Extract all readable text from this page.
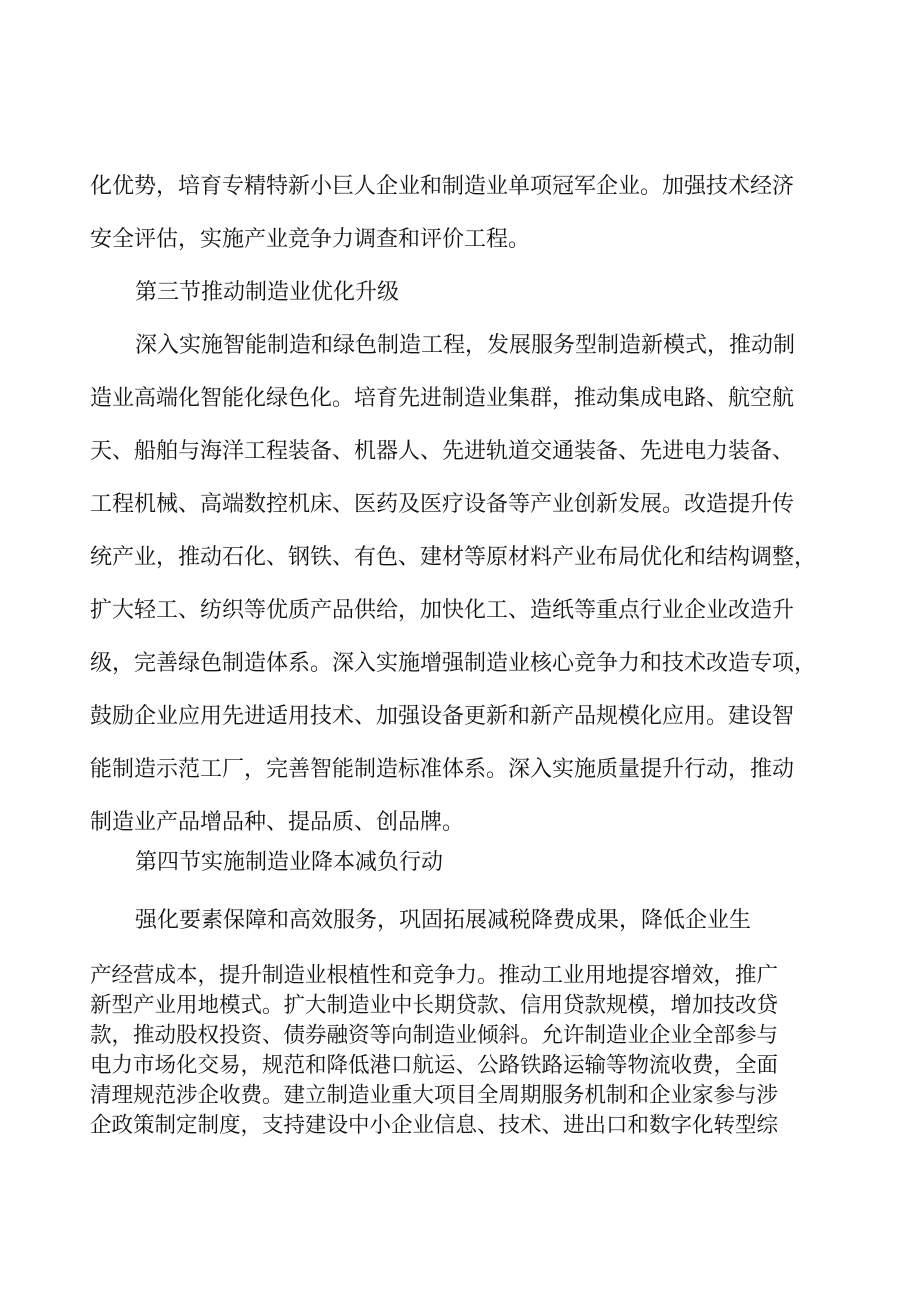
化优势，培育专精特新小巨人企业和制造业单项冠军企业。加强技术经济
安全评估，实施产业竞争力调查和评价工程。
第三节推动制造业优化升级
深入实施智能制造和绿色制造工程，发展服务型制造新模式，推动制
造业高端化智能化绿色化。培育先进制造业集群，推动集成电路、航空航
天、船舶与海洋工程装备、机器人、先进轨道交通装备、先进电力装备、
工程机械、高端数控机床、医药及医疗设备等产业创新发展。改造提升传
统产业，推动石化、钢铁、有色、建材等原材料产业布局优化和结构调整，
扩大轻工、纺织等优质产品供给，加快化工、造纸等重点行业企业改造升
级，完善绿色制造体系。深入实施增强制造业核心竞争力和技术改造专项，
鼓励企业应用先进适用技术、加强设备更新和新产品规模化应用。建设智
能制造示范工厂，完善智能制造标准体系。深入实施质量提升行动，推动
制造业产品增品种、提品质、创品牌。
第四节实施制造业降本减负行动
强化要素保障和高效服务，巩固拓展减税降费成果，降低企业生
产经营成本，提升制造业根植性和竞争力。推动工业用地提容增效，推广
新型产业用地模式。扩大制造业中长期贷款、信用贷款规模，增加技改贷
款，推动股权投资、债券融资等向制造业倾斜。允许制造业企业全部参与
电力市场化交易，规范和降低港口航运、公路铁路运输等物流收费，全面
清理规范涉企收费。建立制造业重大项目全周期服务机制和企业家参与涉
企政策制定制度，支持建设中小企业信息、技术、进出口和数字化转型综
